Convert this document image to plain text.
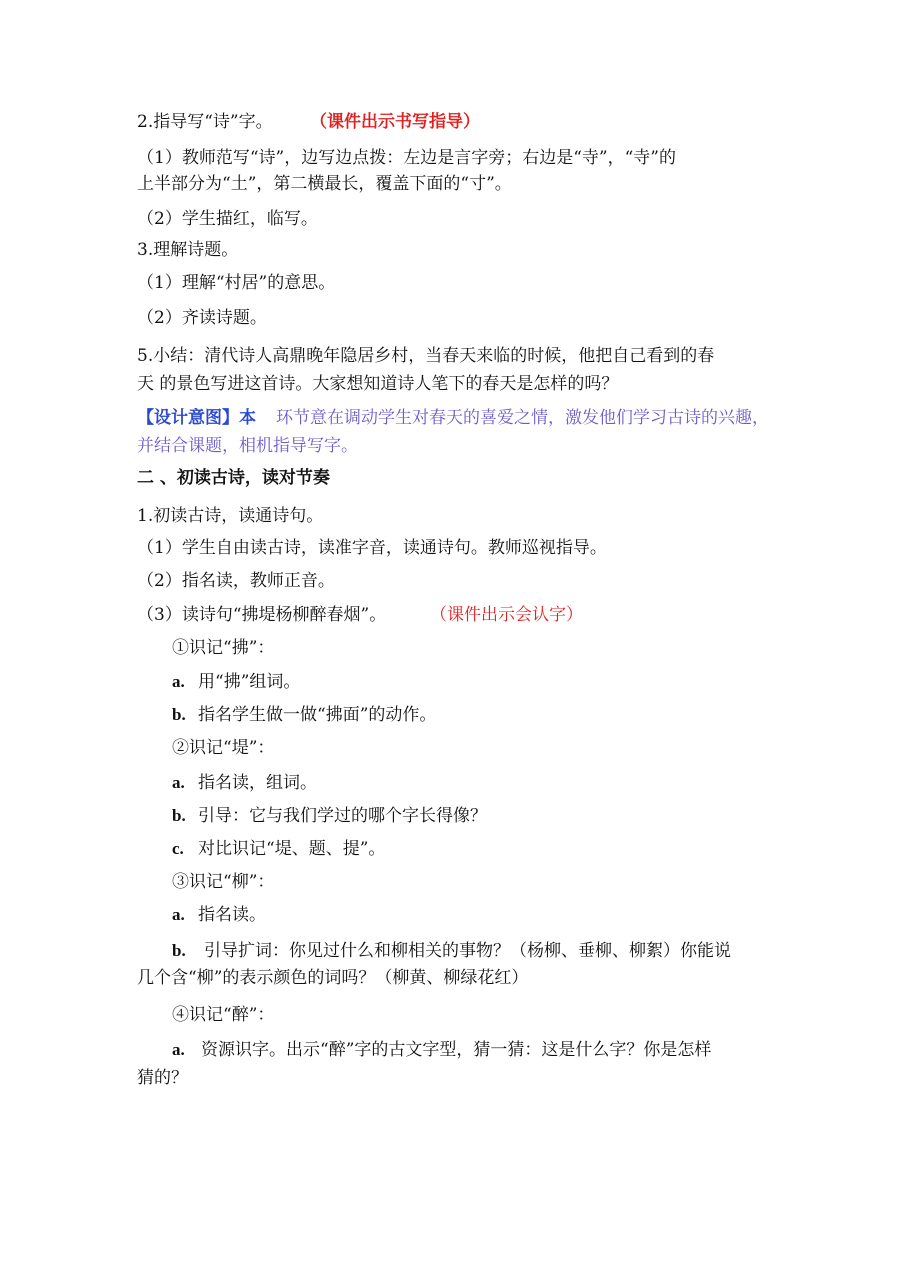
2.指导写“诗”字。 （课件出示书写指导）
（1）教师范写“诗”，边写边点拨：左边是言字旁；右边是“寺”，“寺”的
上半部分为“土”，第二横最长，覆盖下面的“寸”。
（2）学生描红，临写。
3.理解诗题。
（1）理解“村居”的意思。
（2）齐读诗题。
5.小结：清代诗人高鼎晚年隐居乡村，当春天来临的时候，他把自己看到的春
天 的景色写进这首诗。大家想知道诗人笔下的春天是怎样的吗？
【设计意图】本 环节意在调动学生对春天的喜爱之情，激发他们学习古诗的兴趣，
并结合课题，相机指导写字。
二 、初读古诗，读对节奏
1.初读古诗，读通诗句。
（1）学生自由读古诗，读准字音，读通诗句。教师巡视指导。
（2）指名读，教师正音。
（3）读诗句“拂堤杨柳醉春烟”。	（课件出示会认字）
①识记“拂”：
a. 用“拂”组词。
b. 指名学生做一做“拂面”的动作。
②识记“堤”：
a. 指名读，组词。
b. 引导：它与我们学过的哪个字长得像？
c. 对比识记“堤、题、提”。
③识记“柳”：
a. 指名读。
b. 引导扩词：你见过什么和柳相关的事物？（杨柳、垂柳、柳絮）你能说
几个含“柳”的表示颜色的词吗？（柳黄、柳绿花红）
④识记“醉”：
a. 资源识字。出示“醉”字的古文字型，猜一猜：这是什么字？你是怎样
猜的？
